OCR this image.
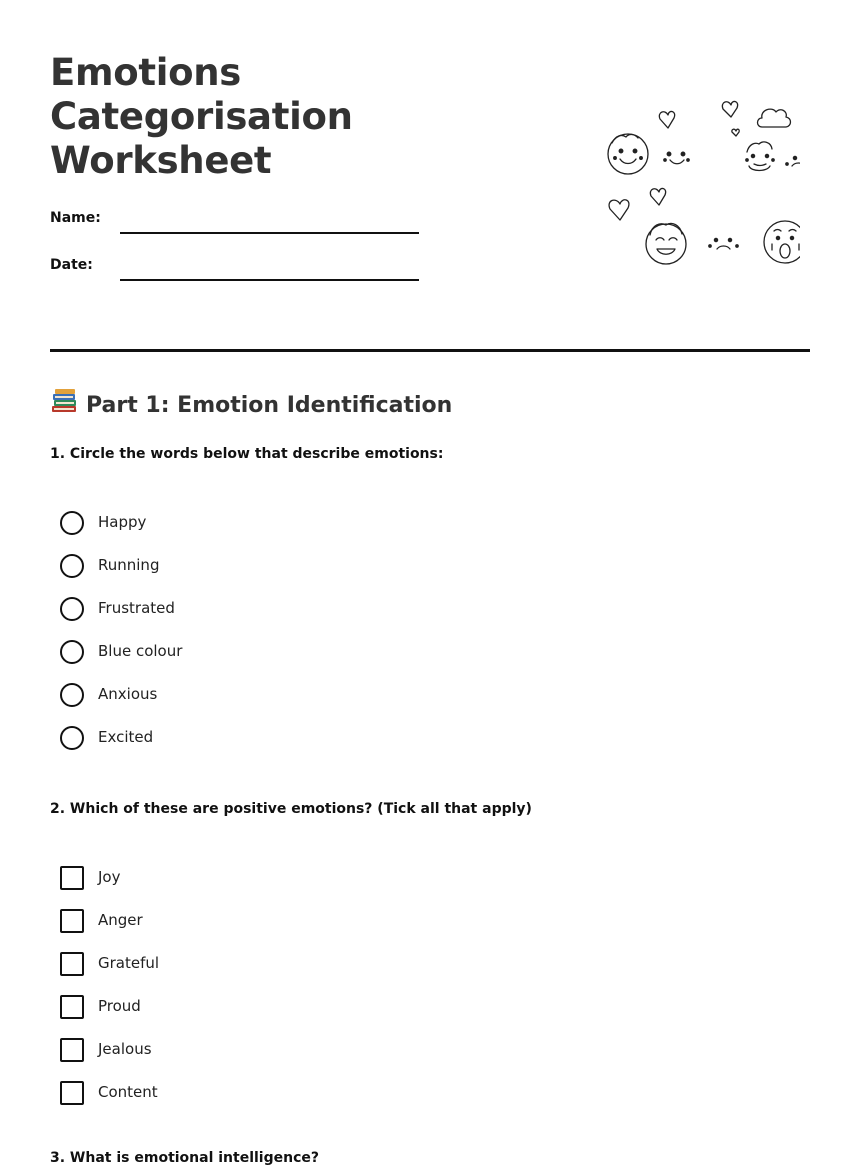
Emotions Categorisation Worksheet
Name:
Date:
Part 1: Emotion Identification

1. Circle the words below that describe emotions:

Happy
Running
Frustrated
Blue colour
Anxious
Excited

2. Which of these are positive emotions? (Tick all that apply)

Joy
Anger
Grateful
Proud
Jealous
Content

3. What is emotional intelligence?
